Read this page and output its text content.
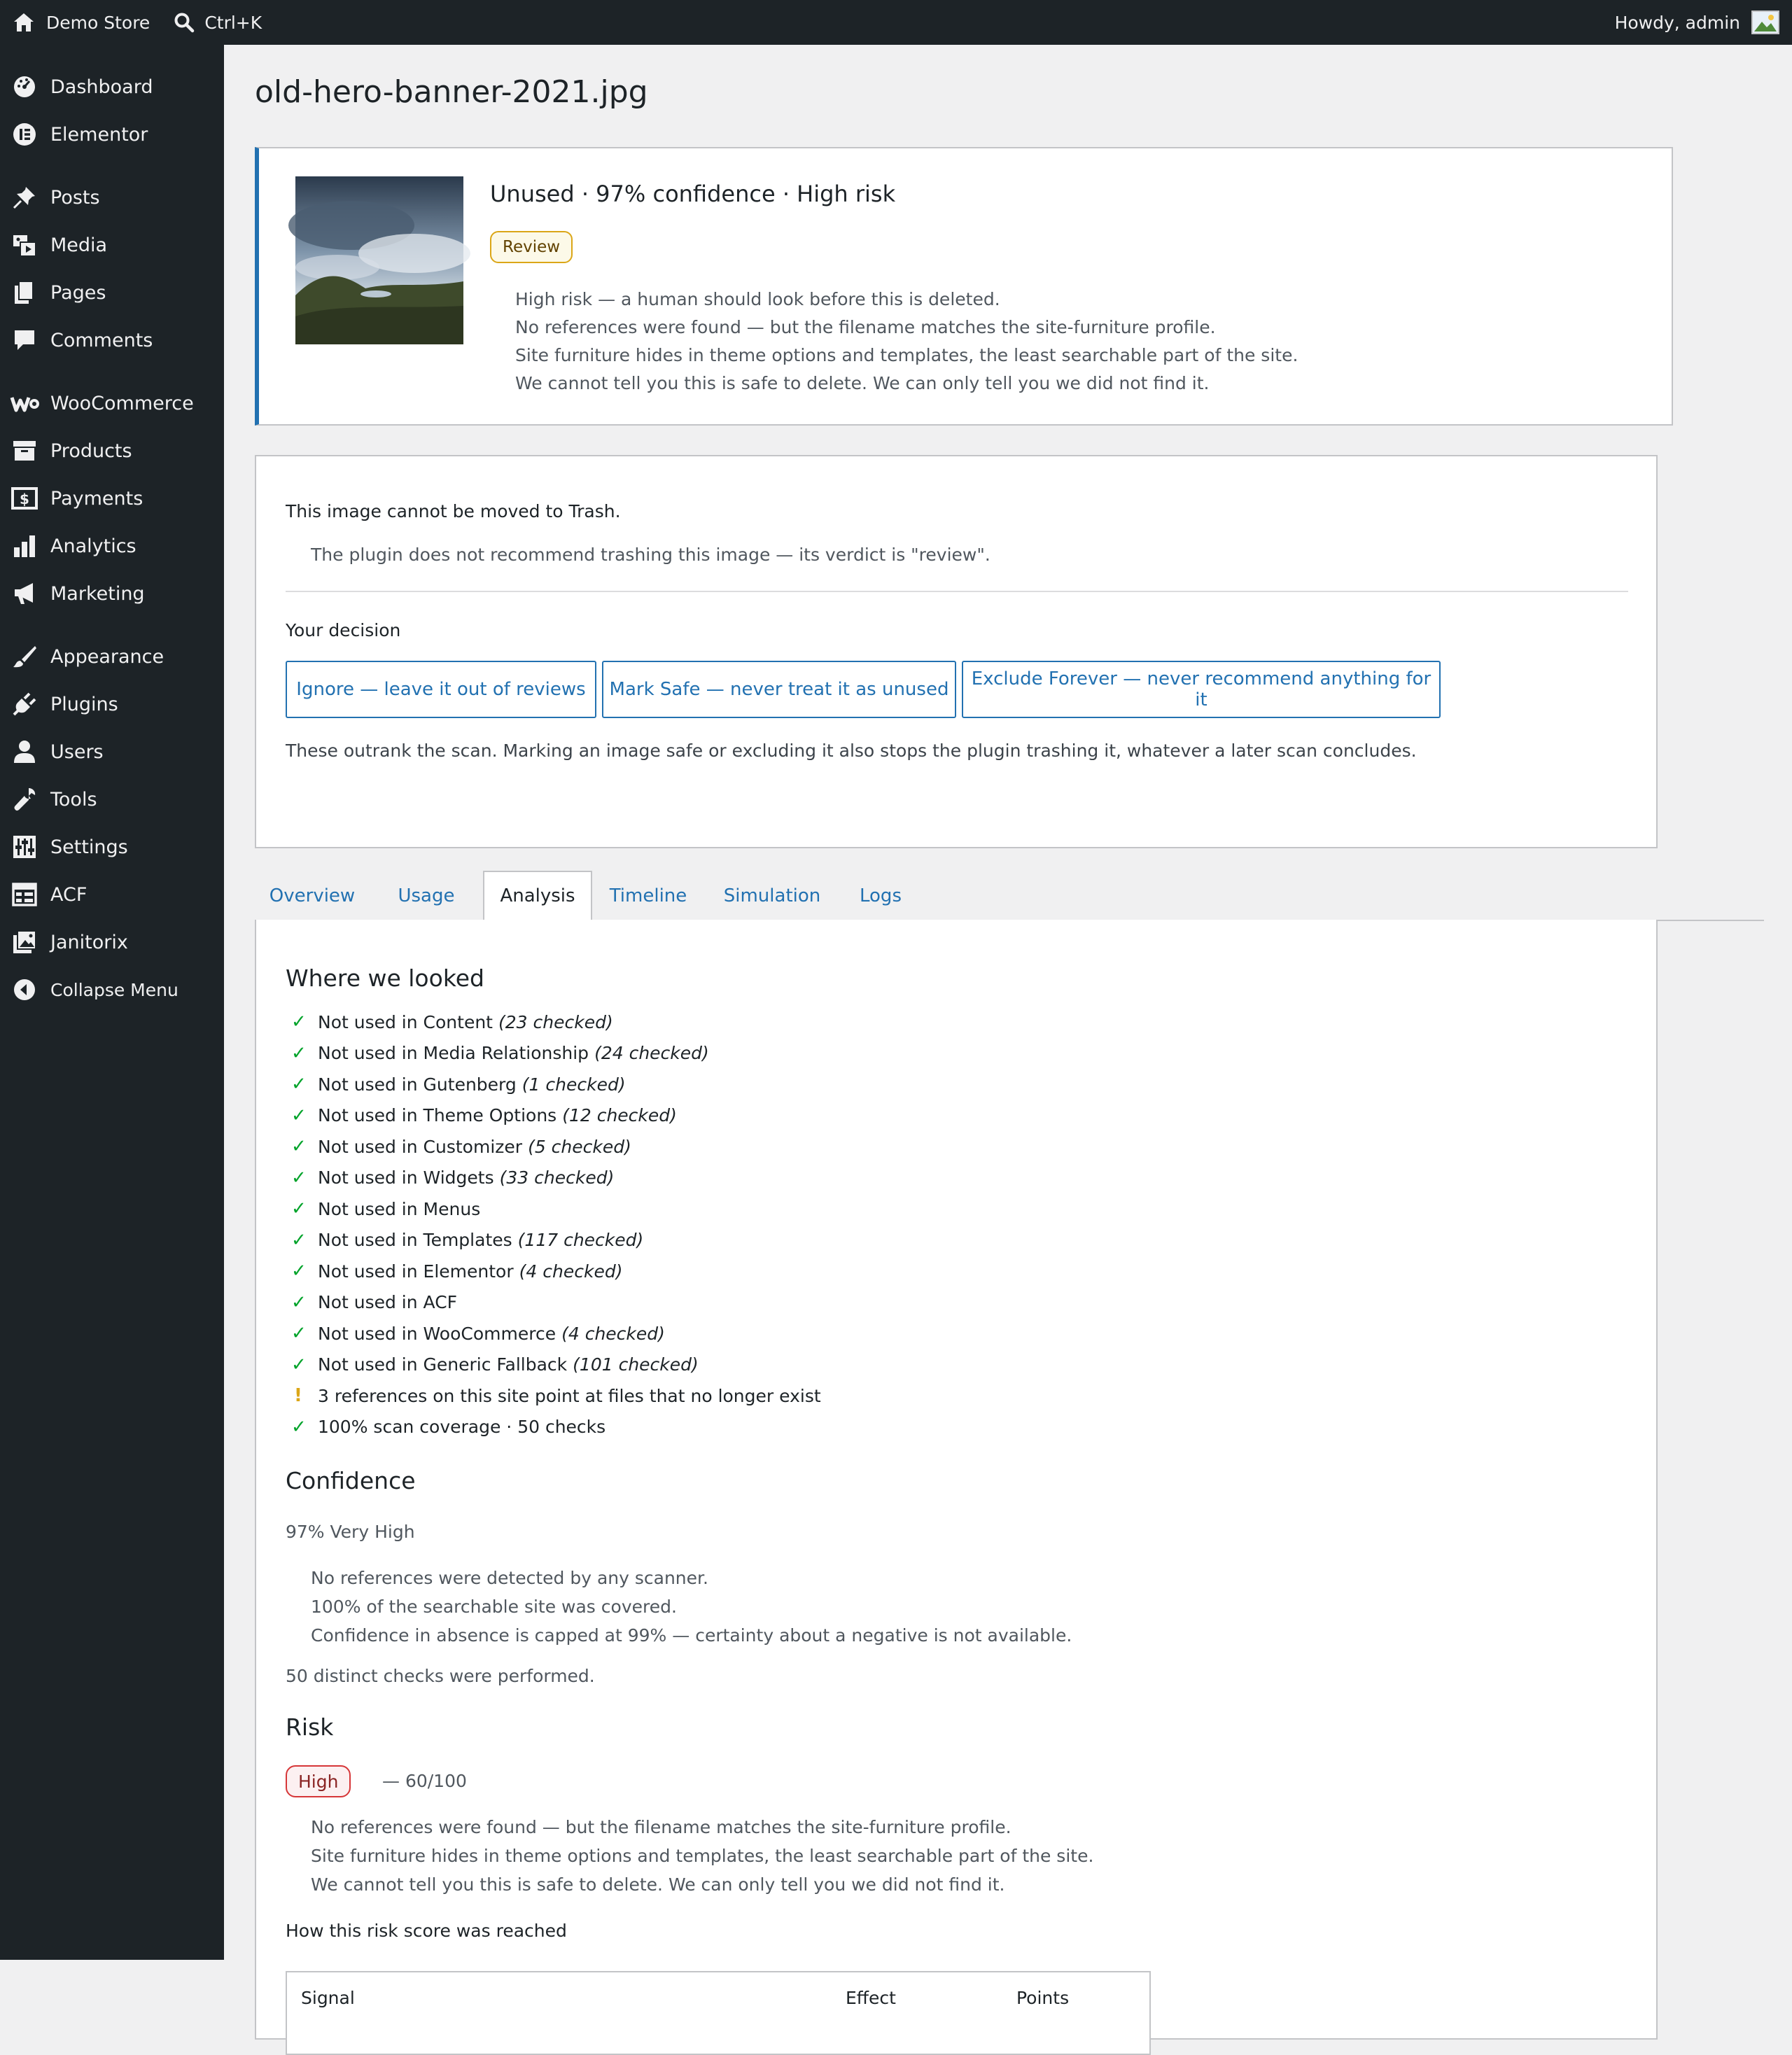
Demo Store	Ctrl+K	Howdy, admin
Dashboard
Elementor
Posts
Media
Pages
Comments
WooCommerce
Products
$ Payments
Analytics
Marketing
Appearance
Plugins
Users
Tools
Settings
ACF
Janitorix
Collapse Menu
old-hero-banner-2021.jpg
Unused · 97% confidence · High risk
Review
High risk — a human should look before this is deleted.
No references were found — but the filename matches the site-furniture profile.
Site furniture hides in theme options and templates, the least searchable part of the site.
We cannot tell you this is safe to delete. We can only tell you we did not find it.
This image cannot be moved to Trash.
The plugin does not recommend trashing this image — its verdict is "review".
Your decision
Ignore — leave it out of reviews	Mark Safe — never treat it as unused	Exclude Forever — never recommend anything for it
These outrank the scan. Marking an image safe or excluding it also stops the plugin trashing it, whatever a later scan concludes.
Overview	Usage	Analysis	Timeline	Simulation	Logs
Where we looked
✓ Not used in Content (23 checked)
✓ Not used in Media Relationship (24 checked)
✓ Not used in Gutenberg (1 checked)
✓ Not used in Theme Options (12 checked)
✓ Not used in Customizer (5 checked)
✓ Not used in Widgets (33 checked)
✓ Not used in Menus
✓ Not used in Templates (117 checked)
✓ Not used in Elementor (4 checked)
✓ Not used in ACF
✓ Not used in WooCommerce (4 checked)
✓ Not used in Generic Fallback (101 checked)
! 3 references on this site point at files that no longer exist
✓ 100% scan coverage · 50 checks
Confidence
97% Very High
No references were detected by any scanner.
100% of the searchable site was covered.
Confidence in absence is capped at 99% — certainty about a negative is not available.
50 distinct checks were performed.
Risk
High	— 60/100
No references were found — but the filename matches the site-furniture profile.
Site furniture hides in theme options and templates, the least searchable part of the site.
We cannot tell you this is safe to delete. We can only tell you we did not find it.
How this risk score was reached
Signal	Effect	Points
